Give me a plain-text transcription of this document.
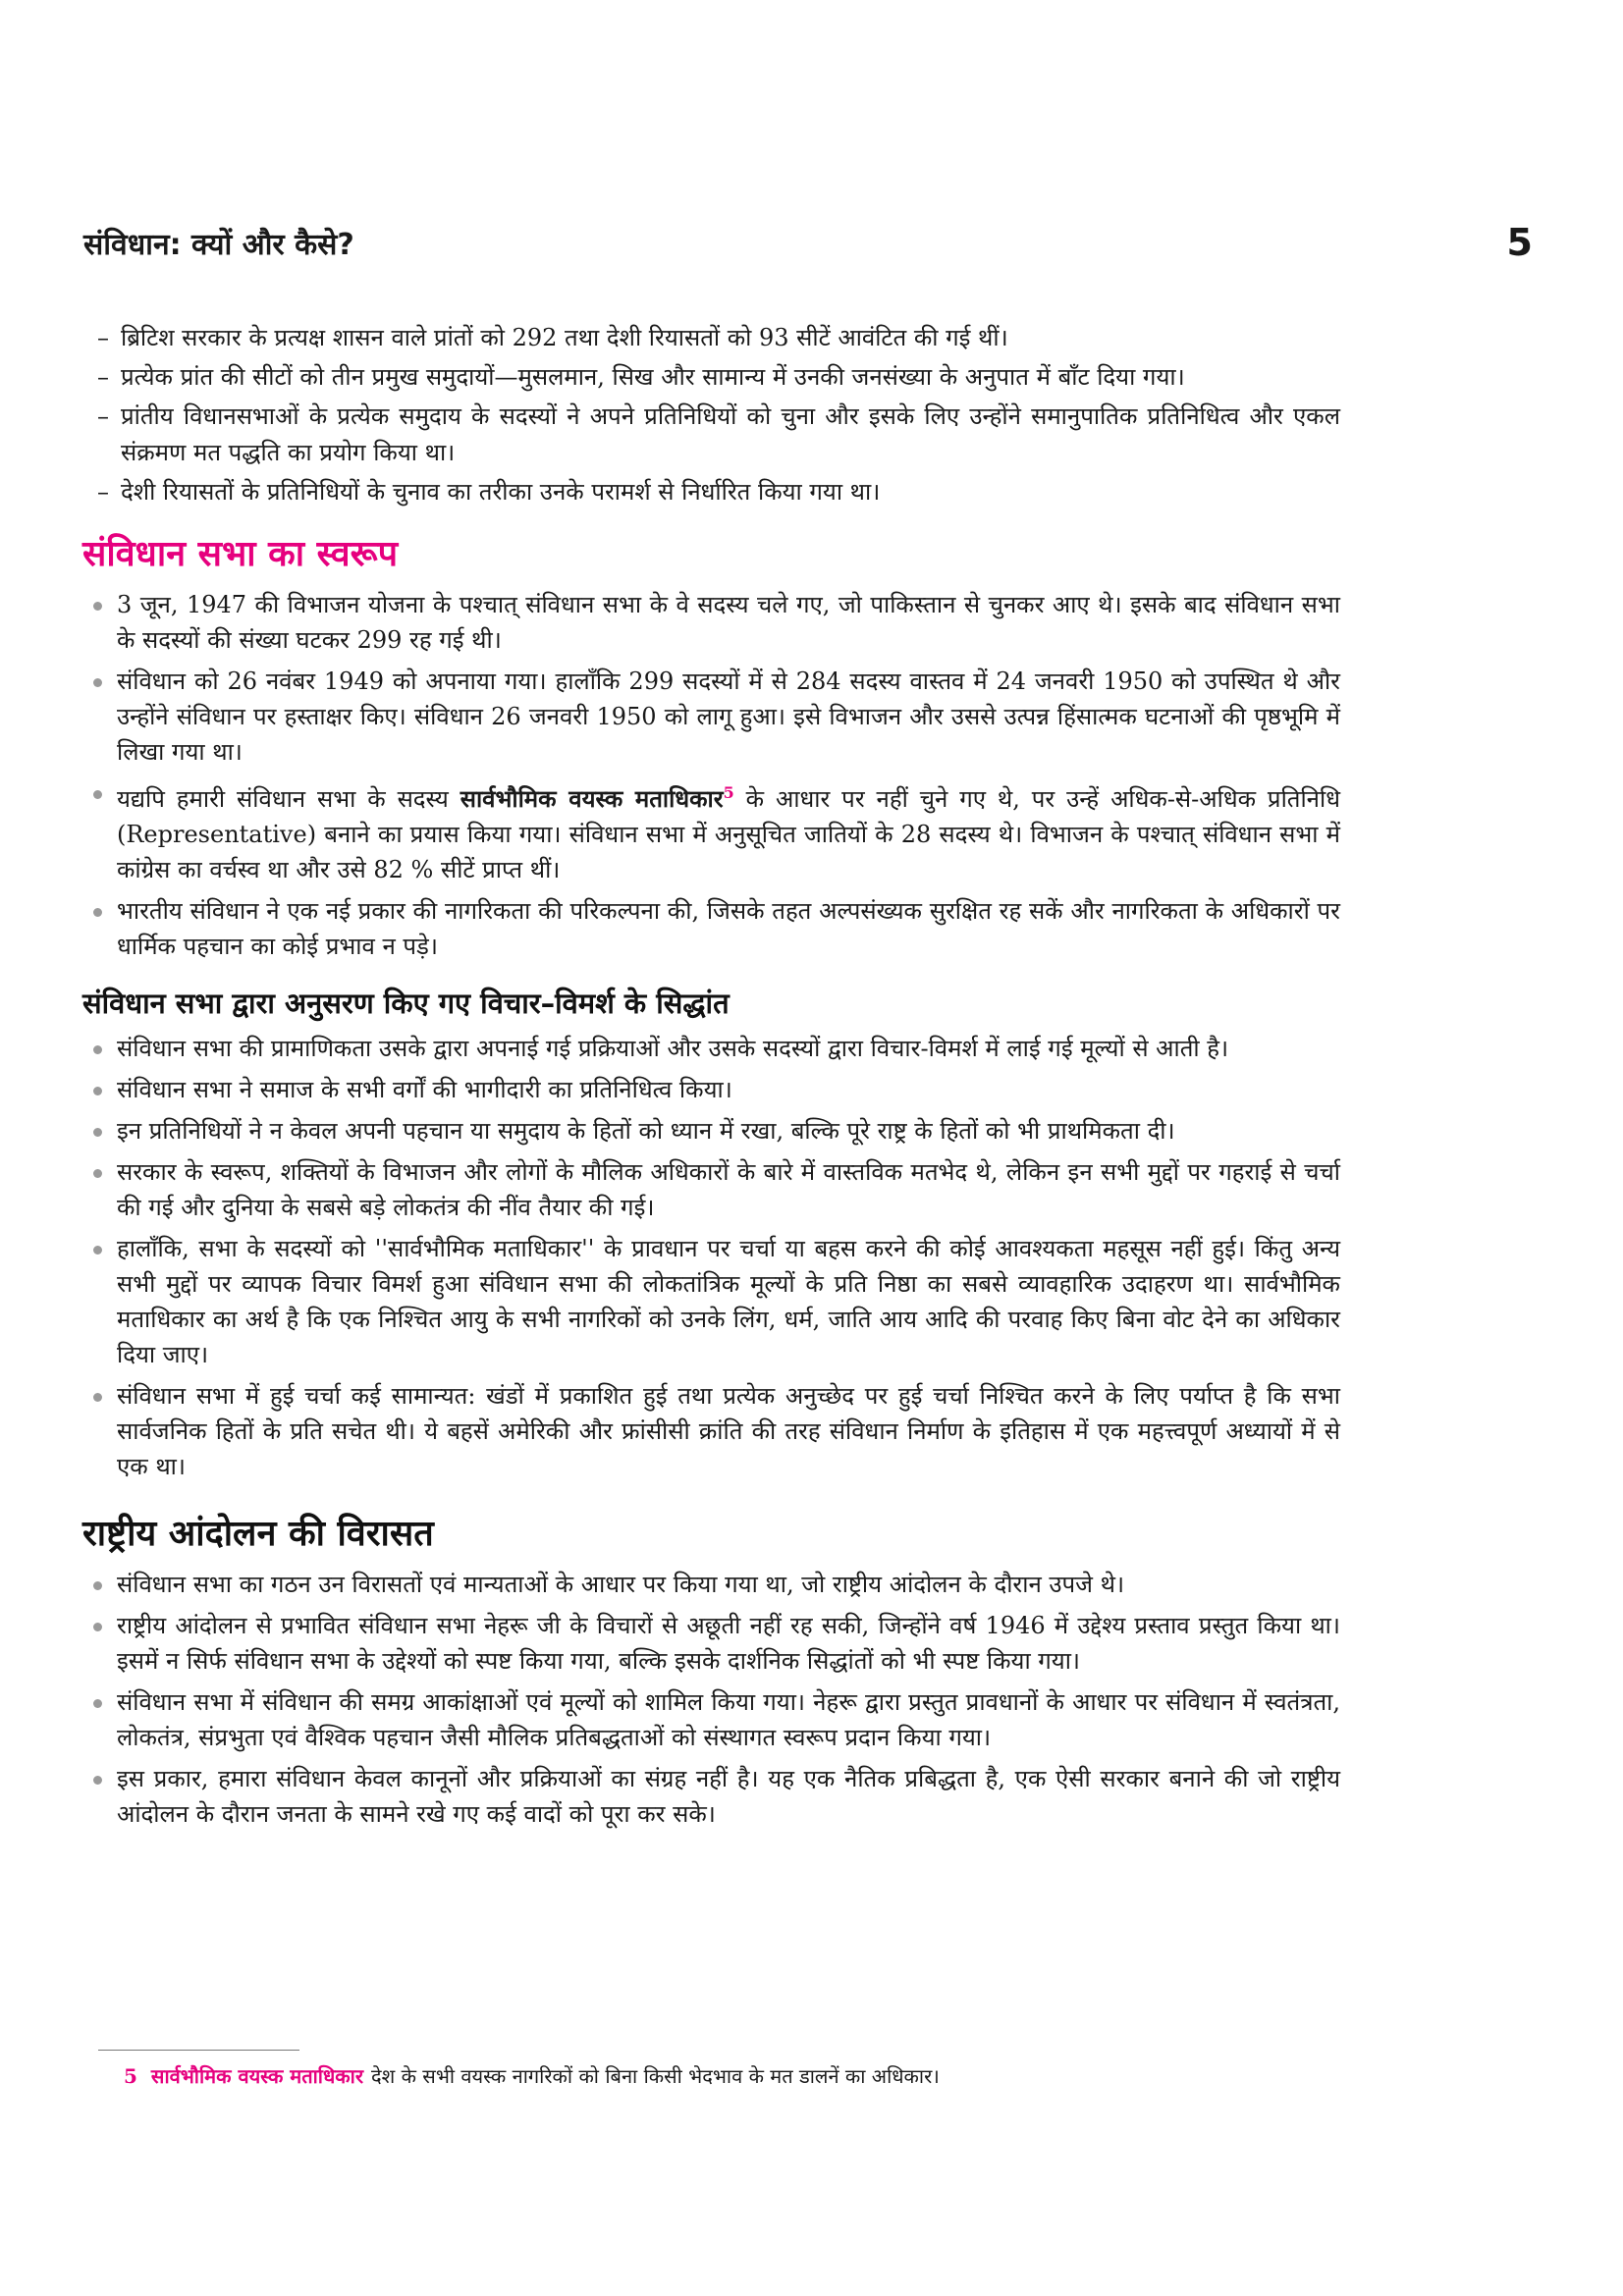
संविधान: क्यों और कैसे?	5
– ब्रिटिश सरकार के प्रत्यक्ष शासन वाले प्रांतों को 292 तथा देशी रियासतों को 93 सीटें आवंटित की गई थीं।
– प्रत्येक प्रांत की सीटों को तीन प्रमुख समुदायों—मुसलमान, सिख और सामान्य में उनकी जनसंख्या के अनुपात में बाँट दिया गया।
– प्रांतीय विधानसभाओं के प्रत्येक समुदाय के सदस्यों ने अपने प्रतिनिधियों को चुना और इसके लिए उन्होंने समानुपातिक प्रतिनिधित्व और एकल संक्रमण मत पद्धति का प्रयोग किया था।
– देशी रियासतों के प्रतिनिधियों के चुनाव का तरीका उनके परामर्श से निर्धारित किया गया था।
संविधान सभा का स्वरूप
3 जून, 1947 की विभाजन योजना के पश्चात् संविधान सभा के वे सदस्य चले गए, जो पाकिस्तान से चुनकर आए थे। इसके बाद संविधान सभा के सदस्यों की संख्या घटकर 299 रह गई थी।
संविधान को 26 नवंबर 1949 को अपनाया गया। हालाँकि 299 सदस्यों में से 284 सदस्य वास्तव में 24 जनवरी 1950 को उपस्थित थे और उन्होंने संविधान पर हस्ताक्षर किए। संविधान 26 जनवरी 1950 को लागू हुआ। इसे विभाजन और उससे उत्पन्न हिंसात्मक घटनाओं की पृष्ठभूमि में लिखा गया था।
यद्यपि हमारी संविधान सभा के सदस्य सार्वभौमिक वयस्क मताधिकार$^5$ के आधार पर नहीं चुने गए थे, पर उन्हें अधिक-से-अधिक प्रतिनिधि (Representative) बनाने का प्रयास किया गया। संविधान सभा में अनुसूचित जातियों के 28 सदस्य थे। विभाजन के पश्चात् संविधान सभा में कांग्रेस का वर्चस्व था और उसे 82 % सीटें प्राप्त थीं।
भारतीय संविधान ने एक नई प्रकार की नागरिकता की परिकल्पना की, जिसके तहत अल्पसंख्यक सुरक्षित रह सकें और नागरिकता के अधिकारों पर धार्मिक पहचान का कोई प्रभाव न पड़े।
संविधान सभा द्वारा अनुसरण किए गए विचार–विमर्श के सिद्धांत
संविधान सभा की प्रामाणिकता उसके द्वारा अपनाई गई प्रक्रियाओं और उसके सदस्यों द्वारा विचार-विमर्श में लाई गई मूल्यों से आती है।
संविधान सभा ने समाज के सभी वर्गों की भागीदारी का प्रतिनिधित्व किया।
इन प्रतिनिधियों ने न केवल अपनी पहचान या समुदाय के हितों को ध्यान में रखा, बल्कि पूरे राष्ट्र के हितों को भी प्राथमिकता दी।
सरकार के स्वरूप, शक्तियों के विभाजन और लोगों के मौलिक अधिकारों के बारे में वास्तविक मतभेद थे, लेकिन इन सभी मुद्दों पर गहराई से चर्चा की गई और दुनिया के सबसे बड़े लोकतंत्र की नींव तैयार की गई।
हालाँकि, सभा के सदस्यों को ''सार्वभौमिक मताधिकार'' के प्रावधान पर चर्चा या बहस करने की कोई आवश्यकता महसूस नहीं हुई। किंतु अन्य सभी मुद्दों पर व्यापक विचार विमर्श हुआ संविधान सभा की लोकतांत्रिक मूल्यों के प्रति निष्ठा का सबसे व्यावहारिक उदाहरण था। सार्वभौमिक मताधिकार का अर्थ है कि एक निश्चित आयु के सभी नागरिकों को उनके लिंग, धर्म, जाति आय आदि की परवाह किए बिना वोट देने का अधिकार दिया जाए।
संविधान सभा में हुई चर्चा कई सामान्यत: खंडों में प्रकाशित हुई तथा प्रत्येक अनुच्छेद पर हुई चर्चा निश्चित करने के लिए पर्याप्त है कि सभा सार्वजनिक हितों के प्रति सचेत थी। ये बहसें अमेरिकी और फ्रांसीसी क्रांति की तरह संविधान निर्माण के इतिहास में एक महत्त्वपूर्ण अध्यायों में से एक था।
राष्ट्रीय आंदोलन की विरासत
संविधान सभा का गठन उन विरासतों एवं मान्यताओं के आधार पर किया गया था, जो राष्ट्रीय आंदोलन के दौरान उपजे थे।
राष्ट्रीय आंदोलन से प्रभावित संविधान सभा नेहरू जी के विचारों से अछूती नहीं रह सकी, जिन्होंने वर्ष 1946 में उद्देश्य प्रस्ताव प्रस्तुत किया था। इसमें न सिर्फ संविधान सभा के उद्देश्यों को स्पष्ट किया गया, बल्कि इसके दार्शनिक सिद्धांतों को भी स्पष्ट किया गया।
संविधान सभा में संविधान की समग्र आकांक्षाओं एवं मूल्यों को शामिल किया गया। नेहरू द्वारा प्रस्तुत प्रावधानों के आधार पर संविधान में स्वतंत्रता, लोकतंत्र, संप्रभुता एवं वैश्विक पहचान जैसी मौलिक प्रतिबद्धताओं को संस्थागत स्वरूप प्रदान किया गया।
इस प्रकार, हमारा संविधान केवल कानूनों और प्रक्रियाओं का संग्रह नहीं है। यह एक नैतिक प्रबिद्धता है, एक ऐसी सरकार बनाने की जो राष्ट्रीय आंदोलन के दौरान जनता के सामने रखे गए कई वादों को पूरा कर सके।
5 सार्वभौमिक वयस्क मताधिकार देश के सभी वयस्क नागरिकों को बिना किसी भेदभाव के मत डालनें का अधिकार।
